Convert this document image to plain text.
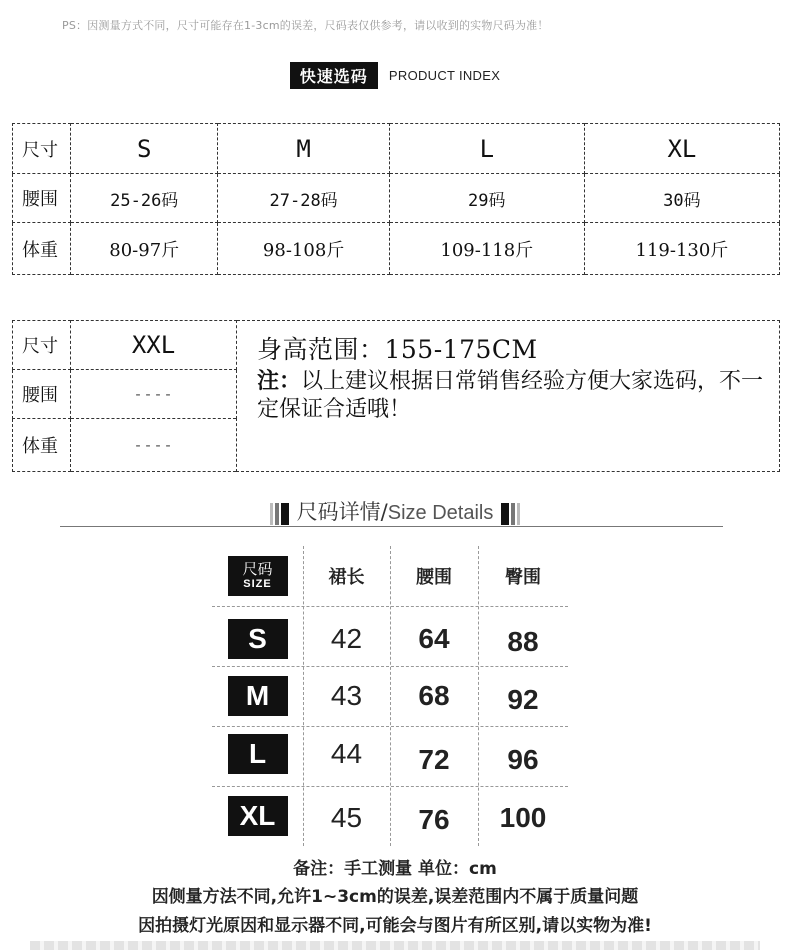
PS：因测量方式不同，尺寸可能存在1-3cm的误差，尺码表仅供参考，请以收到的实物尺码为准！
快速选码 PRODUCT INDEX
尺寸	S	M	L	XL
腰围	25-26码	27-28码	29码	30码
体重	80-97斤	98-108斤	109-118斤	119-130斤
尺寸	XXL	身高范围：155-175CM
注：以上建议根据日常销售经验方便大家选码，不一定保证合适哦！

腰围	----	
体重	----	
尺码详情/Size Details
尺码
SIZE	裙长	腰围	臀围
S	42	64	88
M	43	68	92
L	44	72	96
XL	45	76	100
备注：手工测量 单位：cm
因侧量方法不同,允许1~3cm的误差,误差范围内不属于质量问题
因拍摄灯光原因和显示器不同,可能会与图片有所区别,请以实物为准!
